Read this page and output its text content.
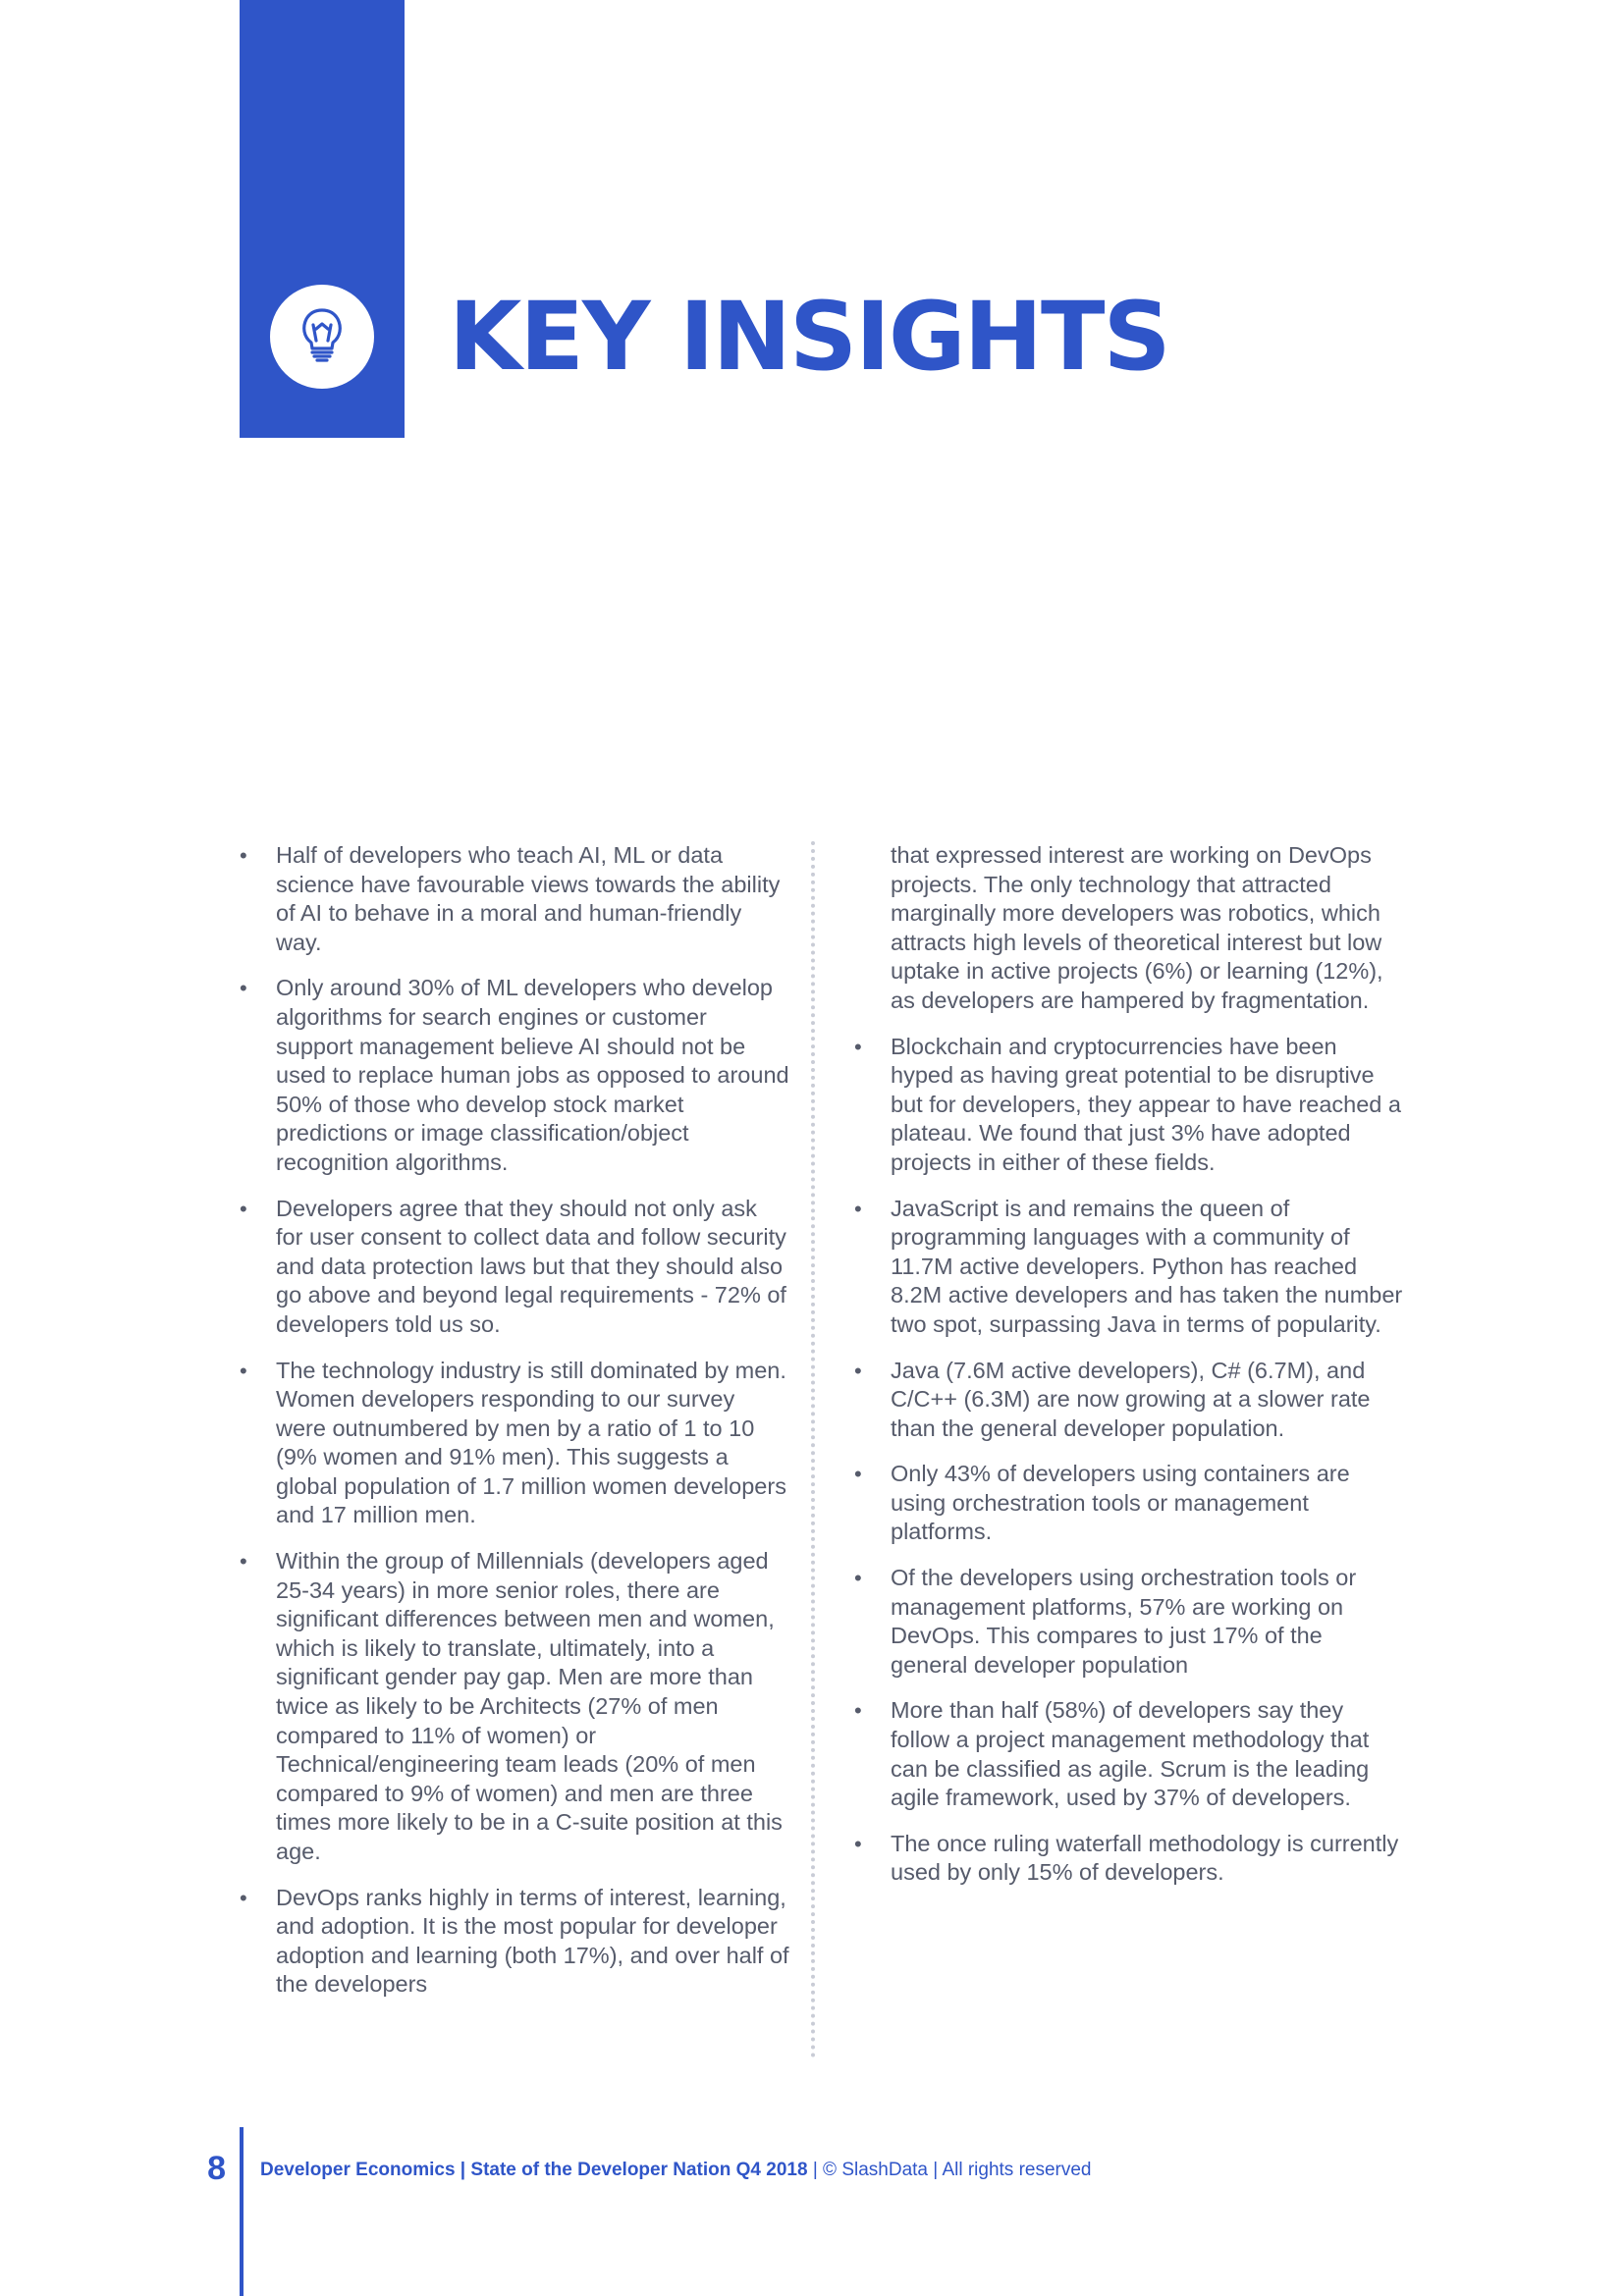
KEY INSIGHTS
• Half of developers who teach AI, ML or data science have favourable views towards the ability of AI to behave in a moral and human-friendly way.
• Only around 30% of ML developers who develop algorithms for search engines or customer support management believe AI should not be used to replace human jobs as opposed to around 50% of those who develop stock market predictions or image classification/object recognition algorithms.
• Developers agree that they should not only ask for user consent to collect data and follow security and data protection laws but that they should also go above and beyond legal requirements - 72% of developers told us so.
• The technology industry is still dominated by men. Women developers responding to our survey were outnumbered by men by a ratio of 1 to 10 (9% women and 91% men). This suggests a global population of 1.7 million women developers and 17 million men.
• Within the group of Millennials (developers aged 25-34 years) in more senior roles, there are significant differences between men and women, which is likely to translate, ultimately, into a significant gender pay gap. Men are more than twice as likely to be Architects (27% of men compared to 11% of women) or Technical/engineering team leads (20% of men compared to 9% of women) and men are three times more likely to be in a C-suite position at this age.
• DevOps ranks highly in terms of interest, learning, and adoption. It is the most popular for developer adoption and learning (both 17%), and over half of the developers
that expressed interest are working on DevOps projects. The only technology that attracted marginally more developers was robotics, which attracts high levels of theoretical interest but low uptake in active projects (6%) or learning (12%), as developers are hampered by fragmentation.
• Blockchain and cryptocurrencies have been hyped as having great potential to be disruptive but for developers, they appear to have reached a plateau. We found that just 3% have adopted projects in either of these fields.
• JavaScript is and remains the queen of programming languages with a community of 11.7M active developers. Python has reached 8.2M active developers and has taken the number two spot, surpassing Java in terms of popularity.
• Java (7.6M active developers), C# (6.7M), and C/C++ (6.3M) are now growing at a slower rate than the general developer population.
• Only 43% of developers using containers are using orchestration tools or management platforms.
• Of the developers using orchestration tools or management platforms, 57% are working on DevOps. This compares to just 17% of the general developer population
• More than half (58%) of developers say they follow a project management methodology that can be classified as agile. Scrum is the leading agile framework, used by 37% of developers.
• The once ruling waterfall methodology is currently used by only 15% of developers.
8 Developer Economics | State of the Developer Nation Q4 2018 | © SlashData | All rights reserved
